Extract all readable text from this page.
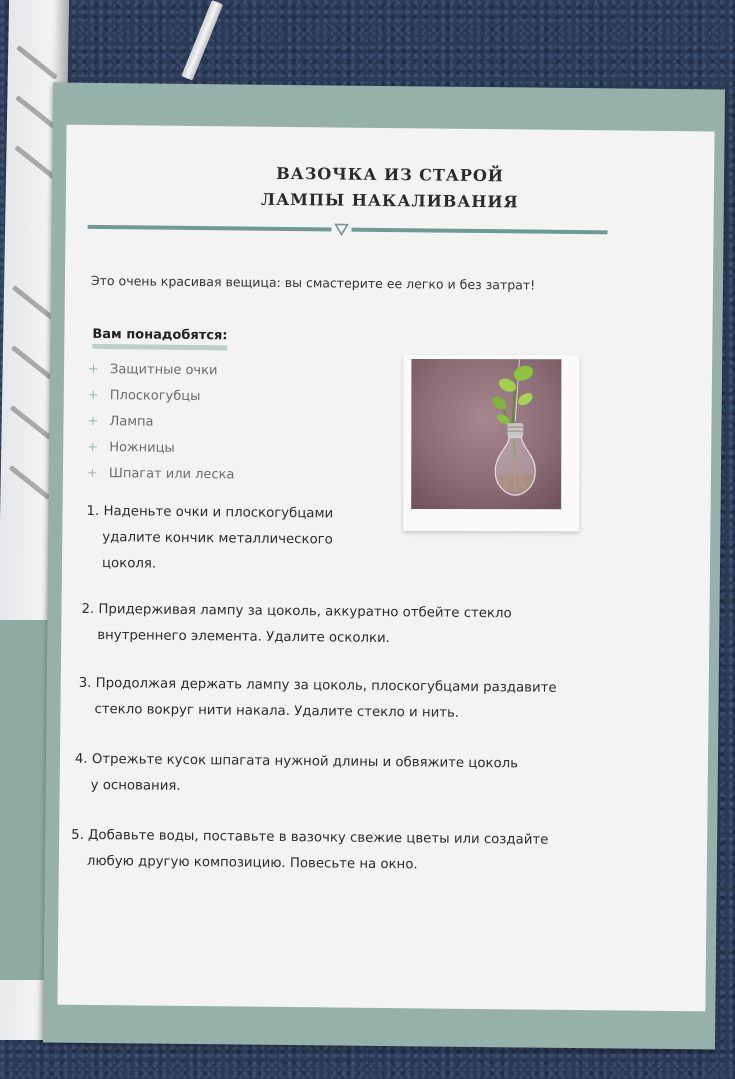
ВАЗОЧКА ИЗ СТАРОЙ
ЛАМПЫ НАКАЛИВАНИЯ
Это очень красивая вещица: вы смастерите ее легко и без затрат!
Вам понадобятся:
+ Защитные очки
+ Плоскогубцы
+ Лампа
+ Ножницы
+ Шпагат или леска
1. Наденьте очки и плоскогубцами
удалите кончик металлического
цоколя.
2. Придерживая лампу за цоколь, аккуратно отбейте стекло
внутреннего элемента. Удалите осколки.
3. Продолжая держать лампу за цоколь, плоскогубцами раздавите
стекло вокруг нити накала. Удалите стекло и нить.
4. Отрежьте кусок шпагата нужной длины и обвяжите цоколь
у основания.
5. Добавьте воды, поставьте в вазочку свежие цветы или создайте
любую другую композицию. Повесьте на окно.
